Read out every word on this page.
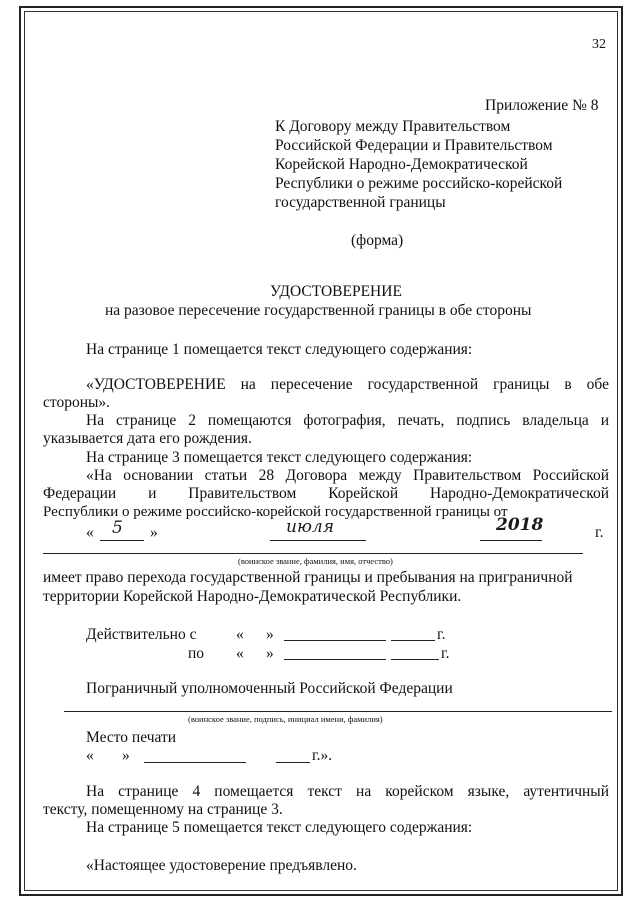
32
Приложение № 8
К Договору между Правительством
Российской Федерации и Правительством
Корейской Народно-Демократической
Республики о режиме российско-корейской
государственной границы
(форма)
УДОСТОВЕРЕНИЕ
на разовое пересечение государственной границы в обе стороны
На странице 1 помещается текст следующего содержания:
«УДОСТОВЕРЕНИЕ на пересечение государственной границы в обе
стороны».
На странице 2 помещаются фотография, печать, подпись владельца и
указывается дата его рождения.
На странице 3 помещается текст следующего содержания:
«На основании статьи 28 Договора между Правительством Российской
Федерации и Правительством Корейской Народно-Демократической
Республики о режиме российско-корейской государственной границы от
« 5 »	июля	2018	г.
(воинское звание, фамилия, имя, отчество)
имеет право перехода государственной границы и пребывания на приграничной
территории Корейской Народно-Демократической Республики.
Действительно с	« »	г.
по « »	г.
Пограничный уполномоченный Российской Федерации
(воинское звание, подпись, инициал имени, фамилия)
Место печати
« »	г.».
На странице 4 помещается текст на корейском языке, аутентичный
тексту, помещенному на странице 3.
На странице 5 помещается текст следующего содержания:
«Настоящее удостоверение предъявлено.
